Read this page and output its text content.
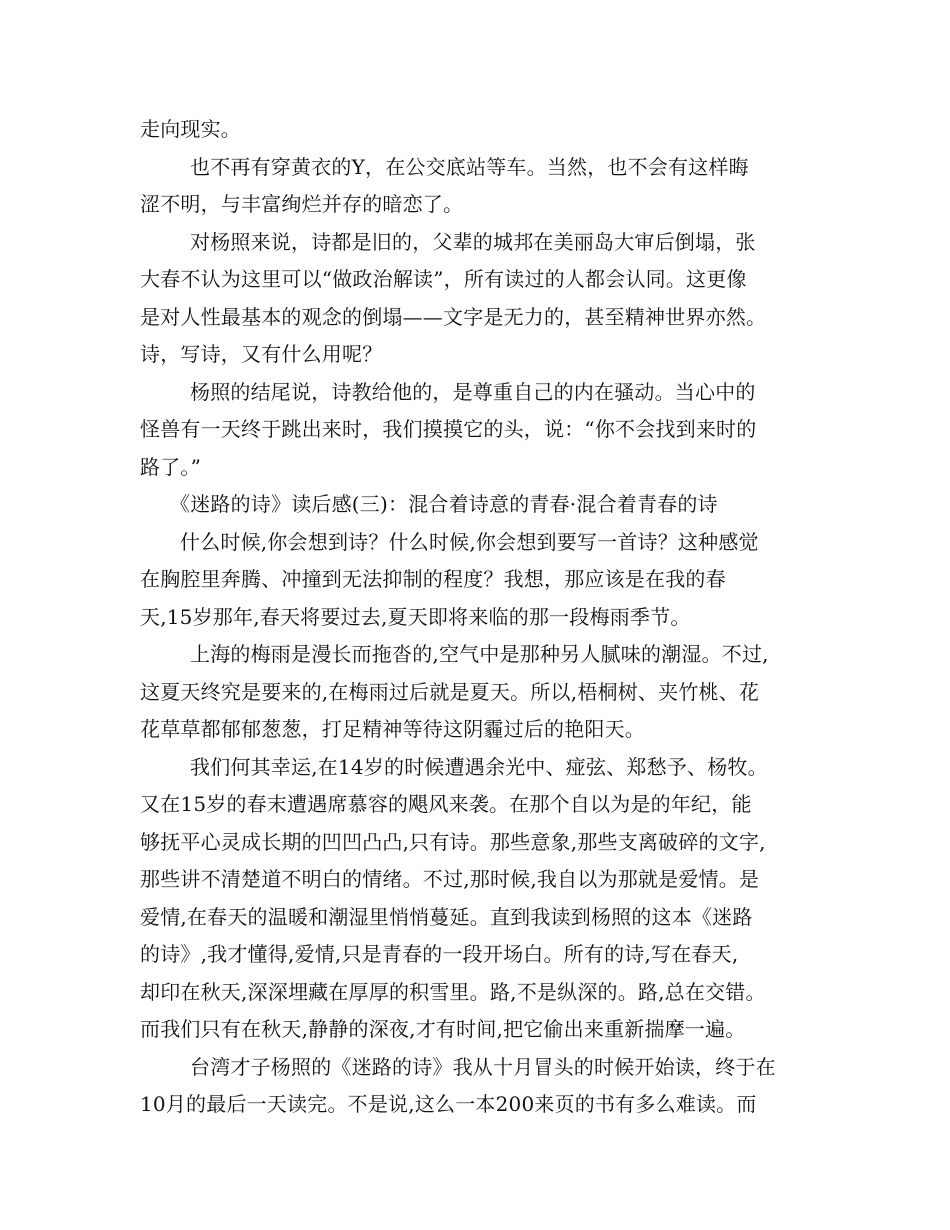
走向现实。
也不再有穿黄衣的Y，在公交底站等车。当然，也不会有这样晦
涩不明，与丰富绚烂并存的暗恋了。
对杨照来说，诗都是旧的，父辈的城邦在美丽岛大审后倒塌，张
大春不认为这里可以“做政治解读”，所有读过的人都会认同。这更像
是对人性最基本的观念的倒塌——文字是无力的，甚至精神世界亦然。
诗，写诗，又有什么用呢？
杨照的结尾说，诗教给他的，是尊重自己的内在骚动。当心中的
怪兽有一天终于跳出来时，我们摸摸它的头，说：“你不会找到来时的
路了。”
《迷路的诗》读后感(三)：混合着诗意的青春·混合着青春的诗
什么时候,你会想到诗？什么时候,你会想到要写一首诗？这种感觉
在胸腔里奔腾、冲撞到无法抑制的程度？我想，那应该是在我的春
天,15岁那年,春天将要过去,夏天即将来临的那一段梅雨季节。
上海的梅雨是漫长而拖沓的,空气中是那种另人腻味的潮湿。不过,
这夏天终究是要来的,在梅雨过后就是夏天。所以,梧桐树、夹竹桃、花
花草草都郁郁葱葱，打足精神等待这阴霾过后的艳阳天。
我们何其幸运,在14岁的时候遭遇余光中、痖弦、郑愁予、杨牧。
又在15岁的春末遭遇席慕容的飓风来袭。在那个自以为是的年纪，能
够抚平心灵成长期的凹凹凸凸,只有诗。那些意象,那些支离破碎的文字,
那些讲不清楚道不明白的情绪。不过,那时候,我自以为那就是爱情。是
爱情,在春天的温暖和潮湿里悄悄蔓延。直到我读到杨照的这本《迷路
的诗》,我才懂得,爱情,只是青春的一段开场白。所有的诗,写在春天,
却印在秋天,深深埋藏在厚厚的积雪里。路,不是纵深的。路,总在交错。
而我们只有在秋天,静静的深夜,才有时间,把它偷出来重新揣摩一遍。
台湾才子杨照的《迷路的诗》我从十月冒头的时候开始读，终于在
10月的最后一天读完。不是说,这么一本200来页的书有多么难读。而
